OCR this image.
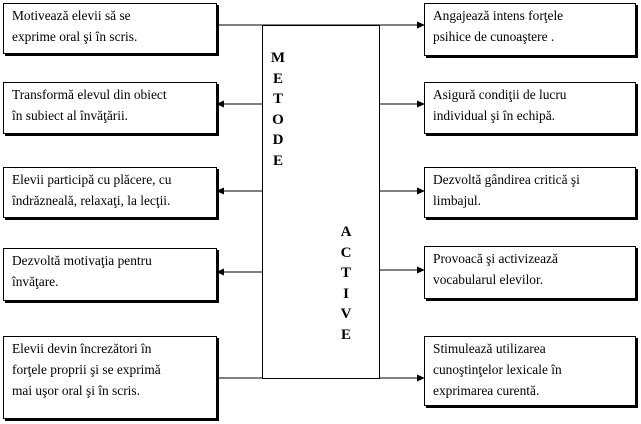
M
E
T
O
D
E
A
C
T
I
V
E
Motivează elevii să se
exprime oral şi în scris.
Transformă elevul din obiect
în subiect al învăţării.
Elevii participă cu plăcere, cu
îndrăzneală, relaxaţi, la lecţii.
Dezvoltă motivaţia pentru
învăţare.
Elevii devin încrezători în
forţele proprii şi se exprimă
mai uşor oral şi în scris.
Angajează intens forţele
psihice de cunoaştere .
Asigură condiţii de lucru
individual şi în echipă.
Dezvoltă gândirea critică şi
limbajul.
Provoacă şi activizează
vocabularul elevilor.
Stimulează utilizarea
cunoştinţelor lexicale în
exprimarea curentă.
